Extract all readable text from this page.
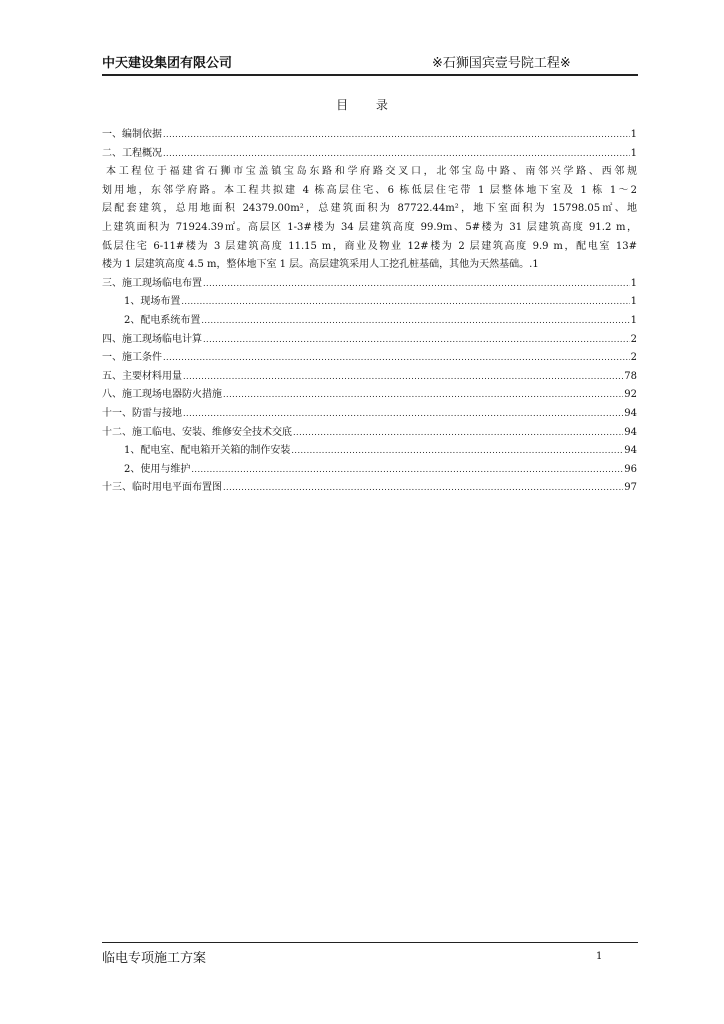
中天建设集团有限公司	※石狮国宾壹号院工程※
目 录
一、编制依据 .....	1
二、工程概况 .....	1
本工程位于福建省石狮市宝盖镇宝岛东路和学府路交叉口，北邻宝岛中路、南邻兴学路、西邻规
划用地，东邻学府路。本工程共拟建 4 栋高层住宅、6 栋低层住宅带 1 层整体地下室及 1 栋 1～2
层配套建筑，总用地面积 24379.00m²，总建筑面积为 87722.44m²，地下室面积为 15798.05㎡、地
上建筑面积为 71924.39㎡。高层区 1-3#楼为 34 层建筑高度 99.9m、5#楼为 31 层建筑高度 91.2 m，
低层住宅 6-11#楼为 3 层建筑高度 11.15 m，商业及物业 12#楼为 2 层建筑高度 9.9 m，配电室 13#
楼为 1 层建筑高度 4.5 m，整体地下室 1 层。高层建筑采用人工挖孔桩基础，其他为天然基础。.1
三、施工现场临电布置 .....	1
1、现场布置 .....	1
2、配电系统布置 .....	1
四、施工现场临电计算 .....	2
一、施工条件 .....	2
五、主要材料用量 .....	78
八、施工现场电器防火措施 .....	92
十一、防雷与接地 .....	94
十二、施工临电、安装、维修安全技术交底 .....	94
1、配电室、配电箱开关箱的制作安装 .....	94
2、使用与维护 .....	96
十三、临时用电平面布置图 .....	97
临电专项施工方案	1
